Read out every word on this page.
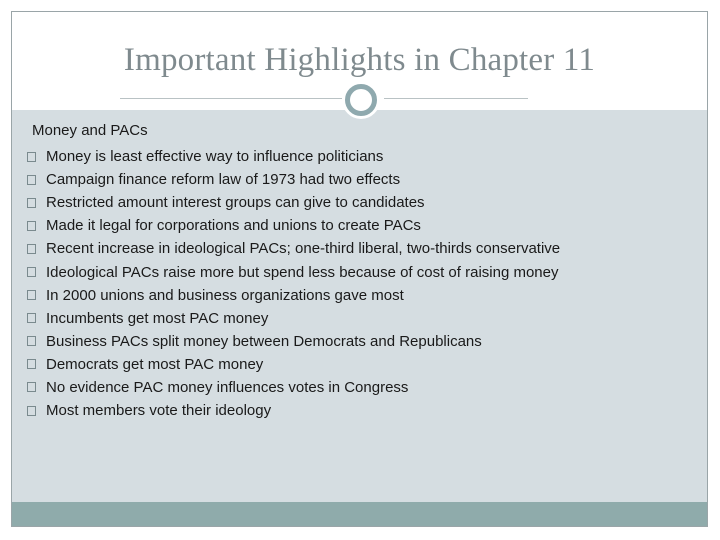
Important Highlights in Chapter 11
Money and PACs
Money is least effective way to influence politicians
Campaign finance reform law of 1973 had two effects
Restricted amount interest groups can give to candidates
Made it legal for corporations and unions to create PACs
Recent increase in ideological PACs; one-third liberal, two-thirds conservative
Ideological PACs raise more but spend less because of cost of raising money
In 2000 unions and business organizations gave most
Incumbents get most PAC money
Business PACs split money between Democrats and Republicans
Democrats get most PAC money
No evidence PAC money influences votes in Congress
Most members vote their ideology
